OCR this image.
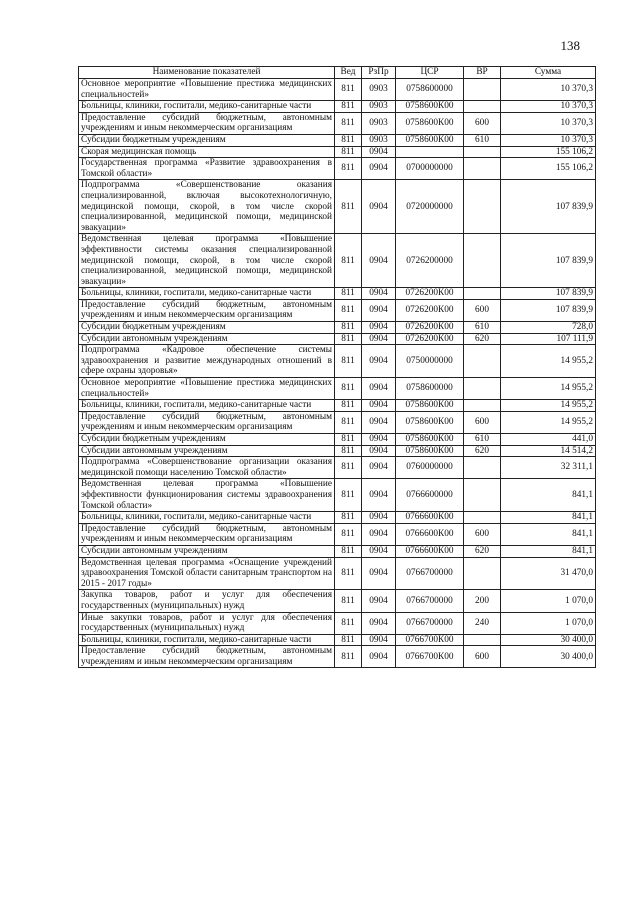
138
Наименование показателей	Вед	РзПр	ЦСР	ВР	Сумма
Основное мероприятие «Повышение престижа медицинских специальностей»	811	0903	0758600000		10 370,3
Больницы, клиники, госпитали, медико-санитарные части	811	0903	0758600К00		10 370,3
Предоставление субсидий бюджетным, автономным учреждениям и иным некоммерческим организациям	811	0903	0758600К00	600	10 370,3
Субсидии бюджетным учреждениям	811	0903	0758600К00	610	10 370,3
Скорая медицинская помощь	811	0904			155 106,2
Государственная программа «Развитие здравоохранения в Томской области»	811	0904	0700000000		155 106,2
Подпрограмма «Совершенствование оказания специализированной, включая высокотехнологичную, медицинской помощи, скорой, в том числе скорой специализированной, медицинской помощи, медицинской эвакуации»	811	0904	0720000000		107 839,9
Ведомственная целевая программа «Повышение эффективности системы оказания специализированной медицинской помощи, скорой, в том числе скорой специализированной, медицинской помощи, медицинской эвакуации»	811	0904	0726200000		107 839,9
Больницы, клиники, госпитали, медико-санитарные части	811	0904	0726200К00		107 839,9
Предоставление субсидий бюджетным, автономным учреждениям и иным некоммерческим организациям	811	0904	0726200К00	600	107 839,9
Субсидии бюджетным учреждениям	811	0904	0726200К00	610	728,0
Субсидии автономным учреждениям	811	0904	0726200К00	620	107 111,9
Подпрограмма «Кадровое обеспечение системы здравоохранения и развитие международных отношений в сфере охраны здоровья»	811	0904	0750000000		14 955,2
Основное мероприятие «Повышение престижа медицинских специальностей»	811	0904	0758600000		14 955,2
Больницы, клиники, госпитали, медико-санитарные части	811	0904	0758600К00		14 955,2
Предоставление субсидий бюджетным, автономным учреждениям и иным некоммерческим организациям	811	0904	0758600К00	600	14 955,2
Субсидии бюджетным учреждениям	811	0904	0758600К00	610	441,0
Субсидии автономным учреждениям	811	0904	0758600К00	620	14 514,2
Подпрограмма «Совершенствование организации оказания медицинской помощи населению Томской области»	811	0904	0760000000		32 311,1
Ведомственная целевая программа «Повышение эффективности функционирования системы здравоохранения Томской области»	811	0904	0766600000		841,1
Больницы, клиники, госпитали, медико-санитарные части	811	0904	0766600К00		841,1
Предоставление субсидий бюджетным, автономным учреждениям и иным некоммерческим организациям	811	0904	0766600К00	600	841,1
Субсидии автономным учреждениям	811	0904	0766600К00	620	841,1
Ведомственная целевая программа «Оснащение учреждений здравоохранения Томской области санитарным транспортом на 2015 - 2017 годы»	811	0904	0766700000		31 470,0
Закупка товаров, работ и услуг для обеспечения государственных (муниципальных) нужд	811	0904	0766700000	200	1 070,0
Иные закупки товаров, работ и услуг для обеспечения государственных (муниципальных) нужд	811	0904	0766700000	240	1 070,0
Больницы, клиники, госпитали, медико-санитарные части	811	0904	0766700К00		30 400,0
Предоставление субсидий бюджетным, автономным учреждениям и иным некоммерческим организациям	811	0904	0766700К00	600	30 400,0
